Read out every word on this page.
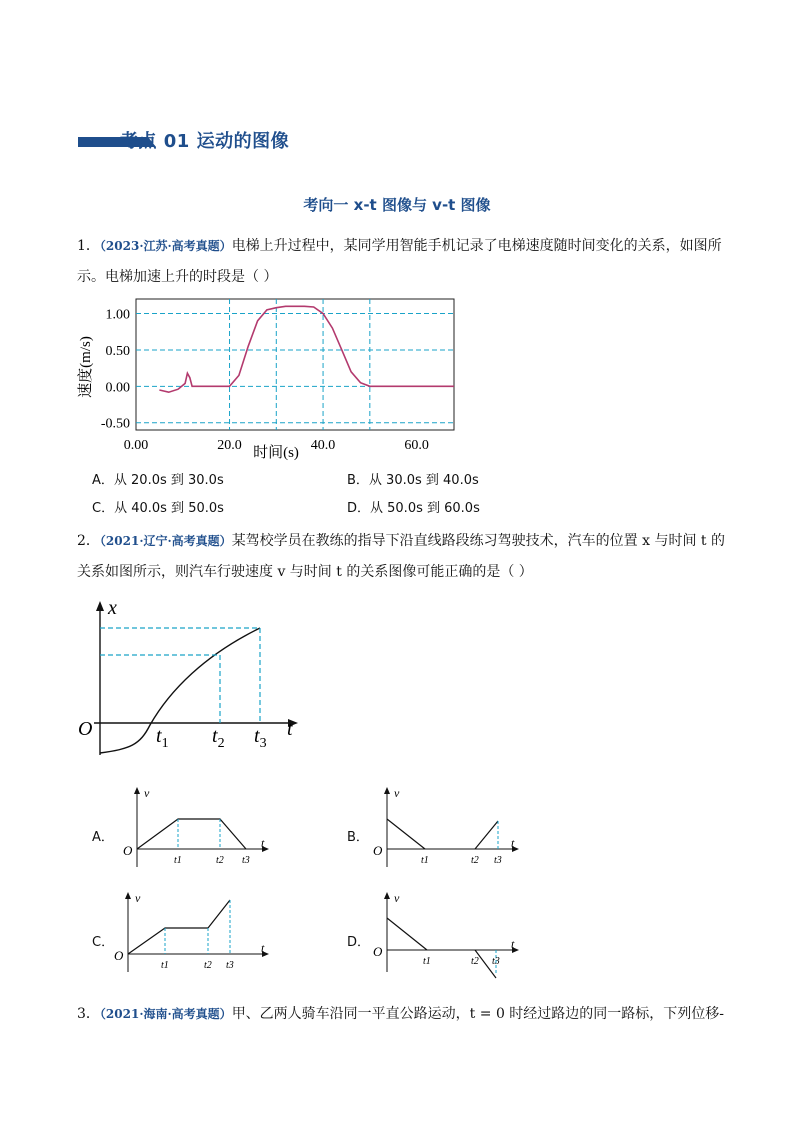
考点 01 运动的图像
考向一 x-t 图像与 v-t 图像
1．（2023·江苏·高考真题）电梯上升过程中，某同学用智能手机记录了电梯速度随时间变化的关系，如图所示。电梯加速上升的时段是（ ）
1.00
0.50
0.00
-0.50
0.00	20.0	40.0	60.0
速度(m/s)
时间(s)
A．从 20.0s 到 30.0s	B．从 30.0s 到 40.0s
C．从 40.0s 到 50.0s	D．从 50.0s 到 60.0s
2．（2021·辽宁·高考真题）某驾校学员在教练的指导下沿直线路段练习驾驶技术，汽车的位置 x 与时间 t 的关系如图所示，则汽车行驶速度 v 与时间 t 的关系图像可能正确的是（ ）
x
t
O	$t_1$ $t_2$ $t_3$
A．	B．
C．	D．
v
t
O
t1	t2 t3
v
t
O
t1	t2 t3
v
t
O
t1	t2 t3
v
t
O
t1	t2 t3
3．（2021·海南·高考真题）甲、乙两人骑车沿同一平直公路运动，t = 0 时经过路边的同一路标，下列位移-
